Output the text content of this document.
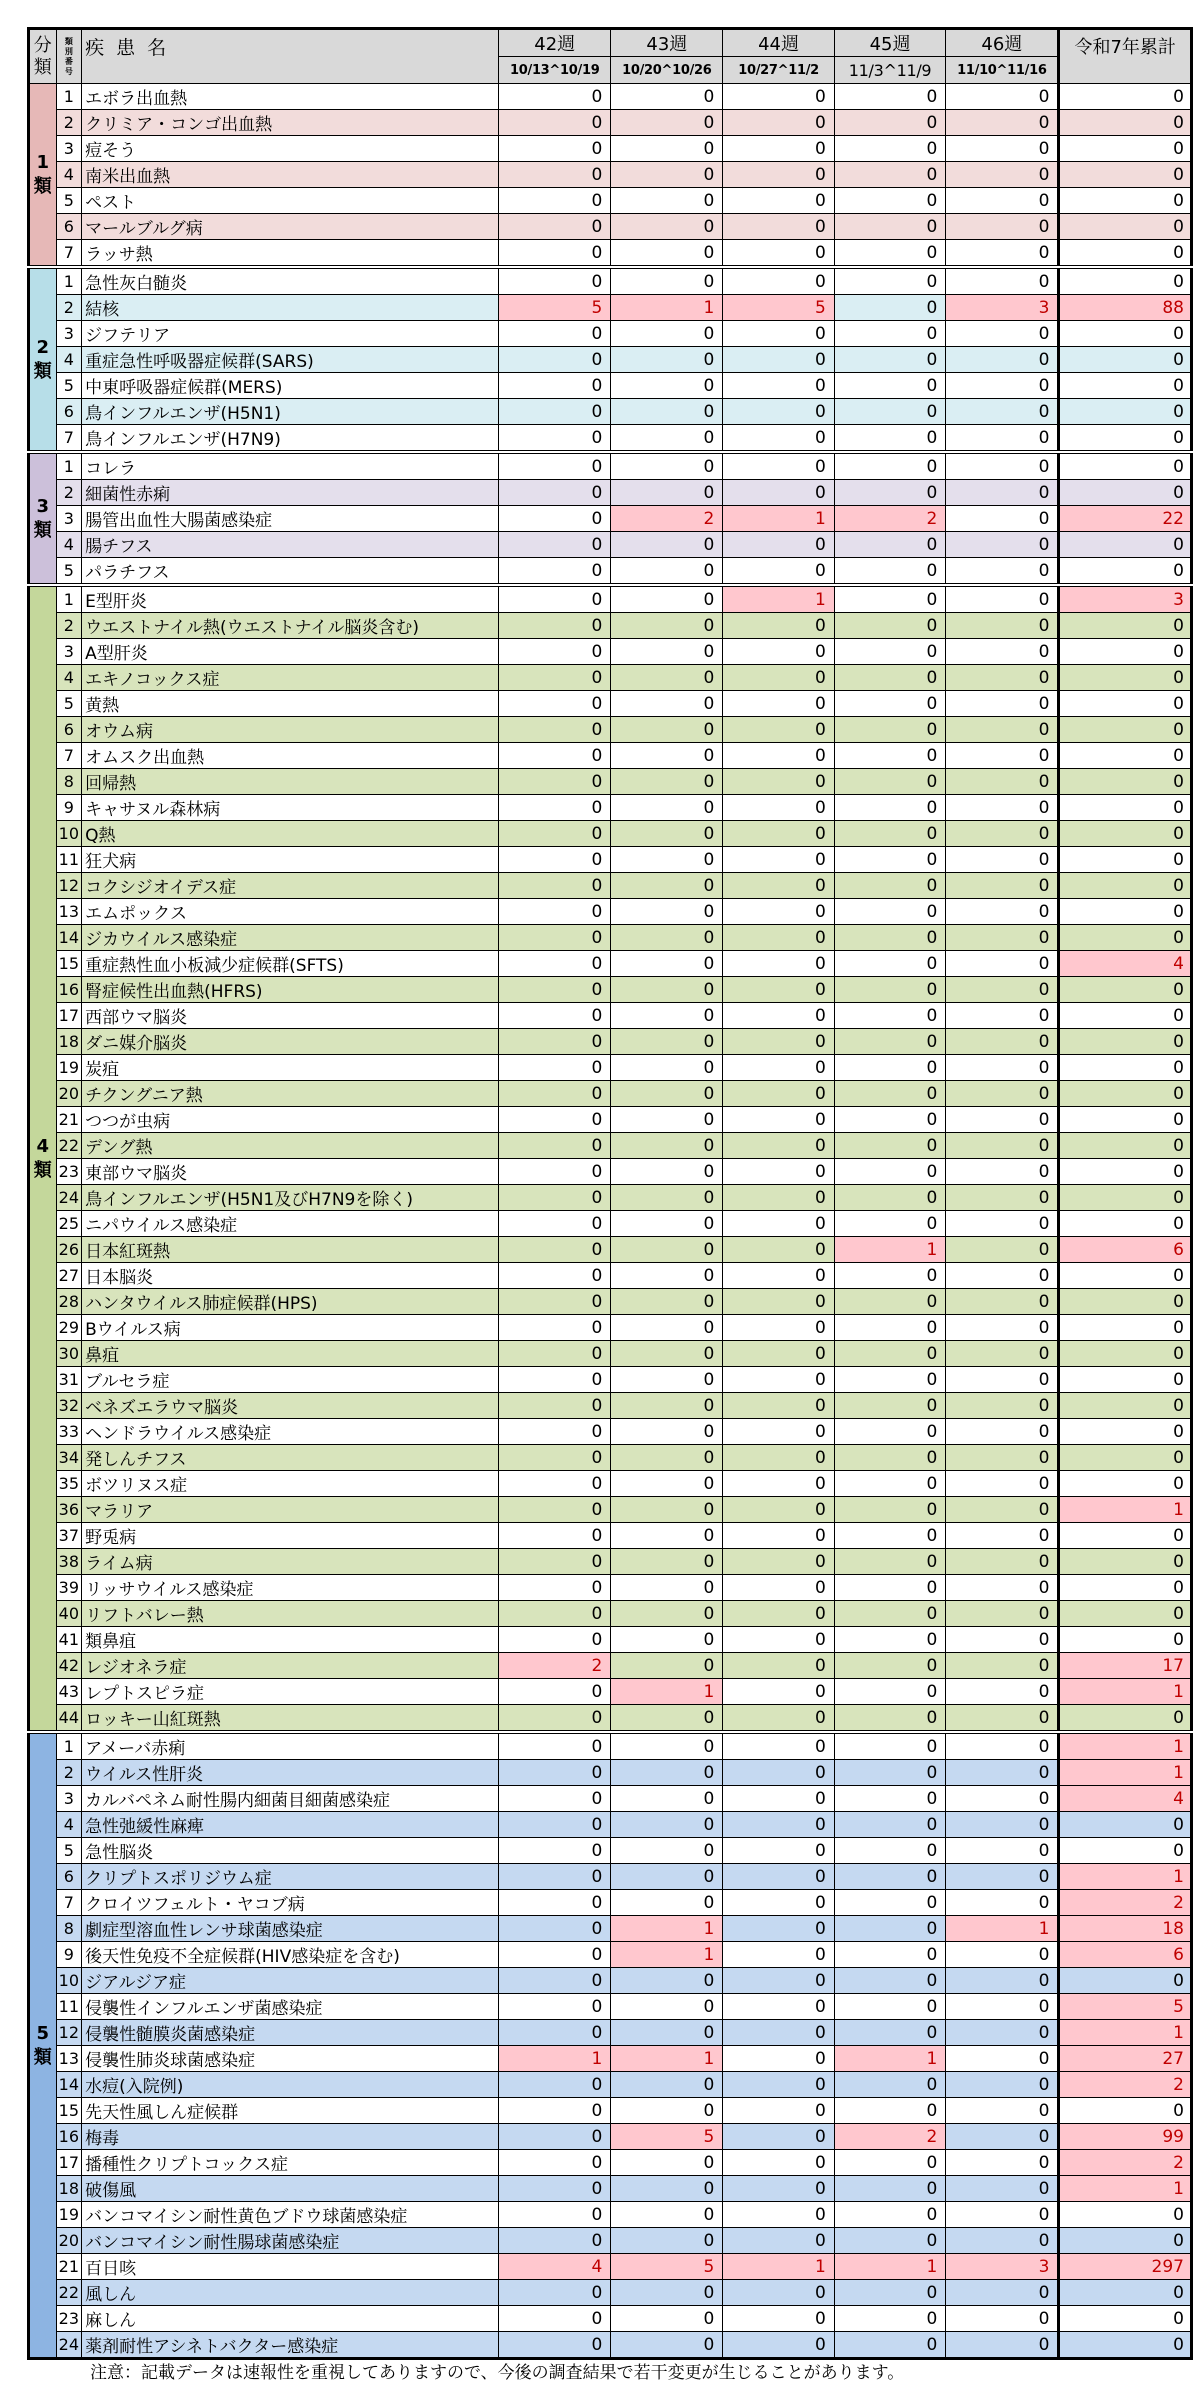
分類	類別番号	疾患名	42週	43週	44週	45週	46週	令和7年累計
			10/13^10/19	10/20^10/26	10/27^11/2	11/3^11/9	11/10^11/16	
1類	1	エボラ出血熱	0	0	0	0	0	0
	2	クリミア・コンゴ出血熱	0	0	0	0	0	0
	3	痘そう	0	0	0	0	0	0
	4	南米出血熱	0	0	0	0	0	0
	5	ペスト	0	0	0	0	0	0
	6	マールブルグ病	0	0	0	0	0	0
	7	ラッサ熱	0	0	0	0	0	0
2類	1	急性灰白髄炎	0	0	0	0	0	0
	2	結核	5	1	5	0	3	88
	3	ジフテリア	0	0	0	0	0	0
	4	重症急性呼吸器症候群(SARS)	0	0	0	0	0	0
	5	中東呼吸器症候群(MERS)	0	0	0	0	0	0
	6	鳥インフルエンザ(H5N1)	0	0	0	0	0	0
	7	鳥インフルエンザ(H7N9)	0	0	0	0	0	0
3類	1	コレラ	0	0	0	0	0	0
	2	細菌性赤痢	0	0	0	0	0	0
	3	腸管出血性大腸菌感染症	0	2	1	2	0	22
	4	腸チフス	0	0	0	0	0	0
	5	パラチフス	0	0	0	0	0	0
4類	1	E型肝炎	0	0	1	0	0	3
	2	ウエストナイル熱(ウエストナイル脳炎含む)	0	0	0	0	0	0
	3	A型肝炎	0	0	0	0	0	0
	4	エキノコックス症	0	0	0	0	0	0
	5	黄熱	0	0	0	0	0	0
	6	オウム病	0	0	0	0	0	0
	7	オムスク出血熱	0	0	0	0	0	0
	8	回帰熱	0	0	0	0	0	0
	9	キャサヌル森林病	0	0	0	0	0	0
	10	Q熱	0	0	0	0	0	0
	11	狂犬病	0	0	0	0	0	0
	12	コクシジオイデス症	0	0	0	0	0	0
	13	エムポックス	0	0	0	0	0	0
	14	ジカウイルス感染症	0	0	0	0	0	0
	15	重症熱性血小板減少症候群(SFTS)	0	0	0	0	0	4
	16	腎症候性出血熱(HFRS)	0	0	0	0	0	0
	17	西部ウマ脳炎	0	0	0	0	0	0
	18	ダニ媒介脳炎	0	0	0	0	0	0
	19	炭疽	0	0	0	0	0	0
	20	チクングニア熱	0	0	0	0	0	0
	21	つつが虫病	0	0	0	0	0	0
	22	デング熱	0	0	0	0	0	0
	23	東部ウマ脳炎	0	0	0	0	0	0
	24	鳥インフルエンザ(H5N1及びH7N9を除く)	0	0	0	0	0	0
	25	ニパウイルス感染症	0	0	0	0	0	0
	26	日本紅斑熱	0	0	0	1	0	6
	27	日本脳炎	0	0	0	0	0	0
	28	ハンタウイルス肺症候群(HPS)	0	0	0	0	0	0
	29	Bウイルス病	0	0	0	0	0	0
	30	鼻疽	0	0	0	0	0	0
	31	ブルセラ症	0	0	0	0	0	0
	32	ベネズエラウマ脳炎	0	0	0	0	0	0
	33	ヘンドラウイルス感染症	0	0	0	0	0	0
	34	発しんチフス	0	0	0	0	0	0
	35	ボツリヌス症	0	0	0	0	0	0
	36	マラリア	0	0	0	0	0	1
	37	野兎病	0	0	0	0	0	0
	38	ライム病	0	0	0	0	0	0
	39	リッサウイルス感染症	0	0	0	0	0	0
	40	リフトバレー熱	0	0	0	0	0	0
	41	類鼻疽	0	0	0	0	0	0
	42	レジオネラ症	2	0	0	0	0	17
	43	レプトスピラ症	0	1	0	0	0	1
	44	ロッキー山紅斑熱	0	0	0	0	0	0
5類	1	アメーバ赤痢	0	0	0	0	0	1
	2	ウイルス性肝炎	0	0	0	0	0	1
	3	カルバペネム耐性腸内細菌目細菌感染症	0	0	0	0	0	4
	4	急性弛緩性麻痺	0	0	0	0	0	0
	5	急性脳炎	0	0	0	0	0	0
	6	クリプトスポリジウム症	0	0	0	0	0	1
	7	クロイツフェルト・ヤコブ病	0	0	0	0	0	2
	8	劇症型溶血性レンサ球菌感染症	0	1	0	0	1	18
	9	後天性免疫不全症候群(HIV感染症を含む)	0	1	0	0	0	6
	10	ジアルジア症	0	0	0	0	0	0
	11	侵襲性インフルエンザ菌感染症	0	0	0	0	0	5
	12	侵襲性髄膜炎菌感染症	0	0	0	0	0	1
	13	侵襲性肺炎球菌感染症	1	1	0	1	0	27
	14	水痘(入院例)	0	0	0	0	0	2
	15	先天性風しん症候群	0	0	0	0	0	0
	16	梅毒	0	5	0	2	0	99
	17	播種性クリプトコックス症	0	0	0	0	0	2
	18	破傷風	0	0	0	0	0	1
	19	バンコマイシン耐性黄色ブドウ球菌感染症	0	0	0	0	0	0
	20	バンコマイシン耐性腸球菌感染症	0	0	0	0	0	0
	21	百日咳	4	5	1	1	3	297
	22	風しん	0	0	0	0	0	0
	23	麻しん	0	0	0	0	0	0
	24	薬剤耐性アシネトバクター感染症	0	0	0	0	0	0
注意：記載データは速報性を重視してありますので、今後の調査結果で若干変更が生じることがあります。
